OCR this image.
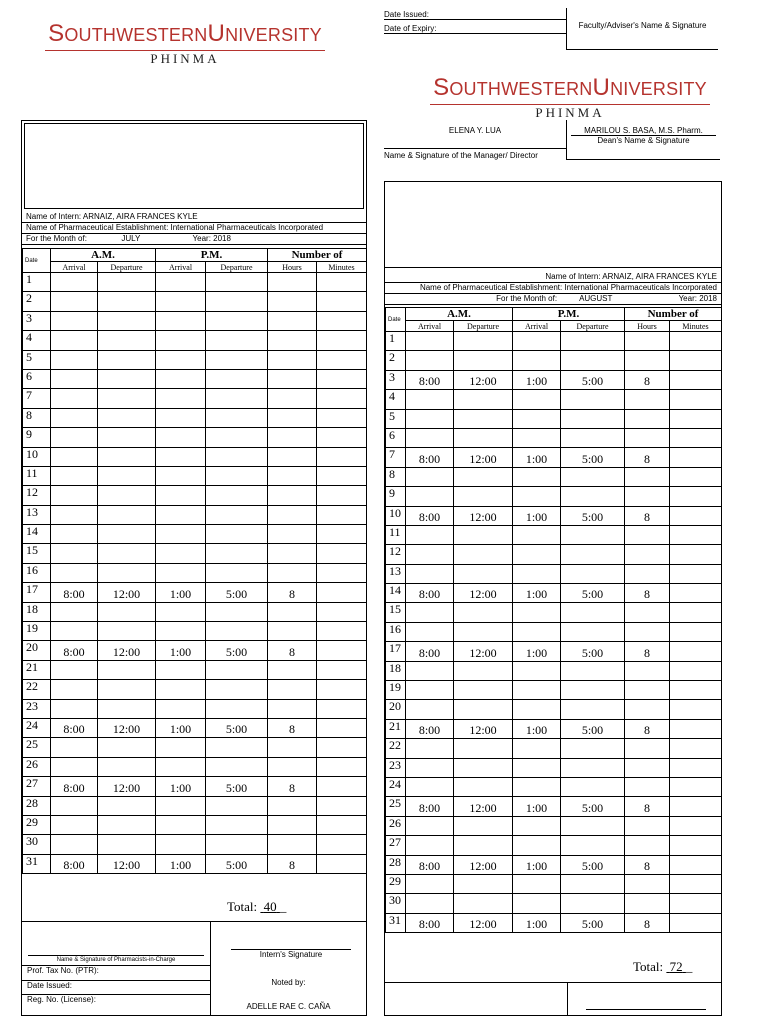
SOUTHWESTERNUNIVERSITY
PHINMA
Date Issued:
Date of Expiry:	Faculty/Adviser's Name & Signature
SOUTHWESTERNUNIVERSITY
PHINMA
ELENA Y. LUA
Name & Signature of the Manager/ Director
MARILOU S. BASA, M.S. Pharm.
Dean's Name & Signature
Name of Intern: ARNAIZ, AIRA FRANCES KYLE
Name of Pharmaceutical Establishment: International Pharmaceuticals Incorporated
For the Month of:	JULY	Year: 2018
Date	A.M.		P.M.		Number of	
	Arrival	Departure	Arrival	Departure	Hours	Minutes
1						
2						
3						
4						
5						
6						
7						
8						
9						
10						
11						
12						
13						
14						
15						
16						
17	8:00	12:00	1:00	5:00	8	
18						
19						
20	8:00	12:00	1:00	5:00	8	
21						
22						
23						
24	8:00	12:00	1:00	5:00	8	
25						
26						
27	8:00	12:00	1:00	5:00	8	
28						
29						
30						
31	8:00	12:00	1:00	5:00	8	
Total: 40 _
Name & Signature of Pharmacists-in-Charge
Prof. Tax No. (PTR):
Date Issued:
Reg. No. (License):
Intern's Signature
Noted by:
ADELLE RAE C. CAÑA
Name of Intern: ARNAIZ, AIRA FRANCES KYLE
Name of Pharmaceutical Establishment: International Pharmaceuticals Incorporated
For the Month of:	AUGUST	Year: 2018
Date	A.M.		P.M.		Number of	
	Arrival	Departure	Arrival	Departure	Hours	Minutes
1						
2						
3	8:00	12:00	1:00	5:00	8	
4						
5						
6						
7	8:00	12:00	1:00	5:00	8	
8						
9						
10	8:00	12:00	1:00	5:00	8	
11						
12						
13						
14	8:00	12:00	1:00	5:00	8	
15						
16						
17	8:00	12:00	1:00	5:00	8	
18						
19						
20						
21	8:00	12:00	1:00	5:00	8	
22						
23						
24						
25	8:00	12:00	1:00	5:00	8	
26						
27						
28	8:00	12:00	1:00	5:00	8	
29						
30						
31	8:00	12:00	1:00	5:00	8	
Total: 72 _
